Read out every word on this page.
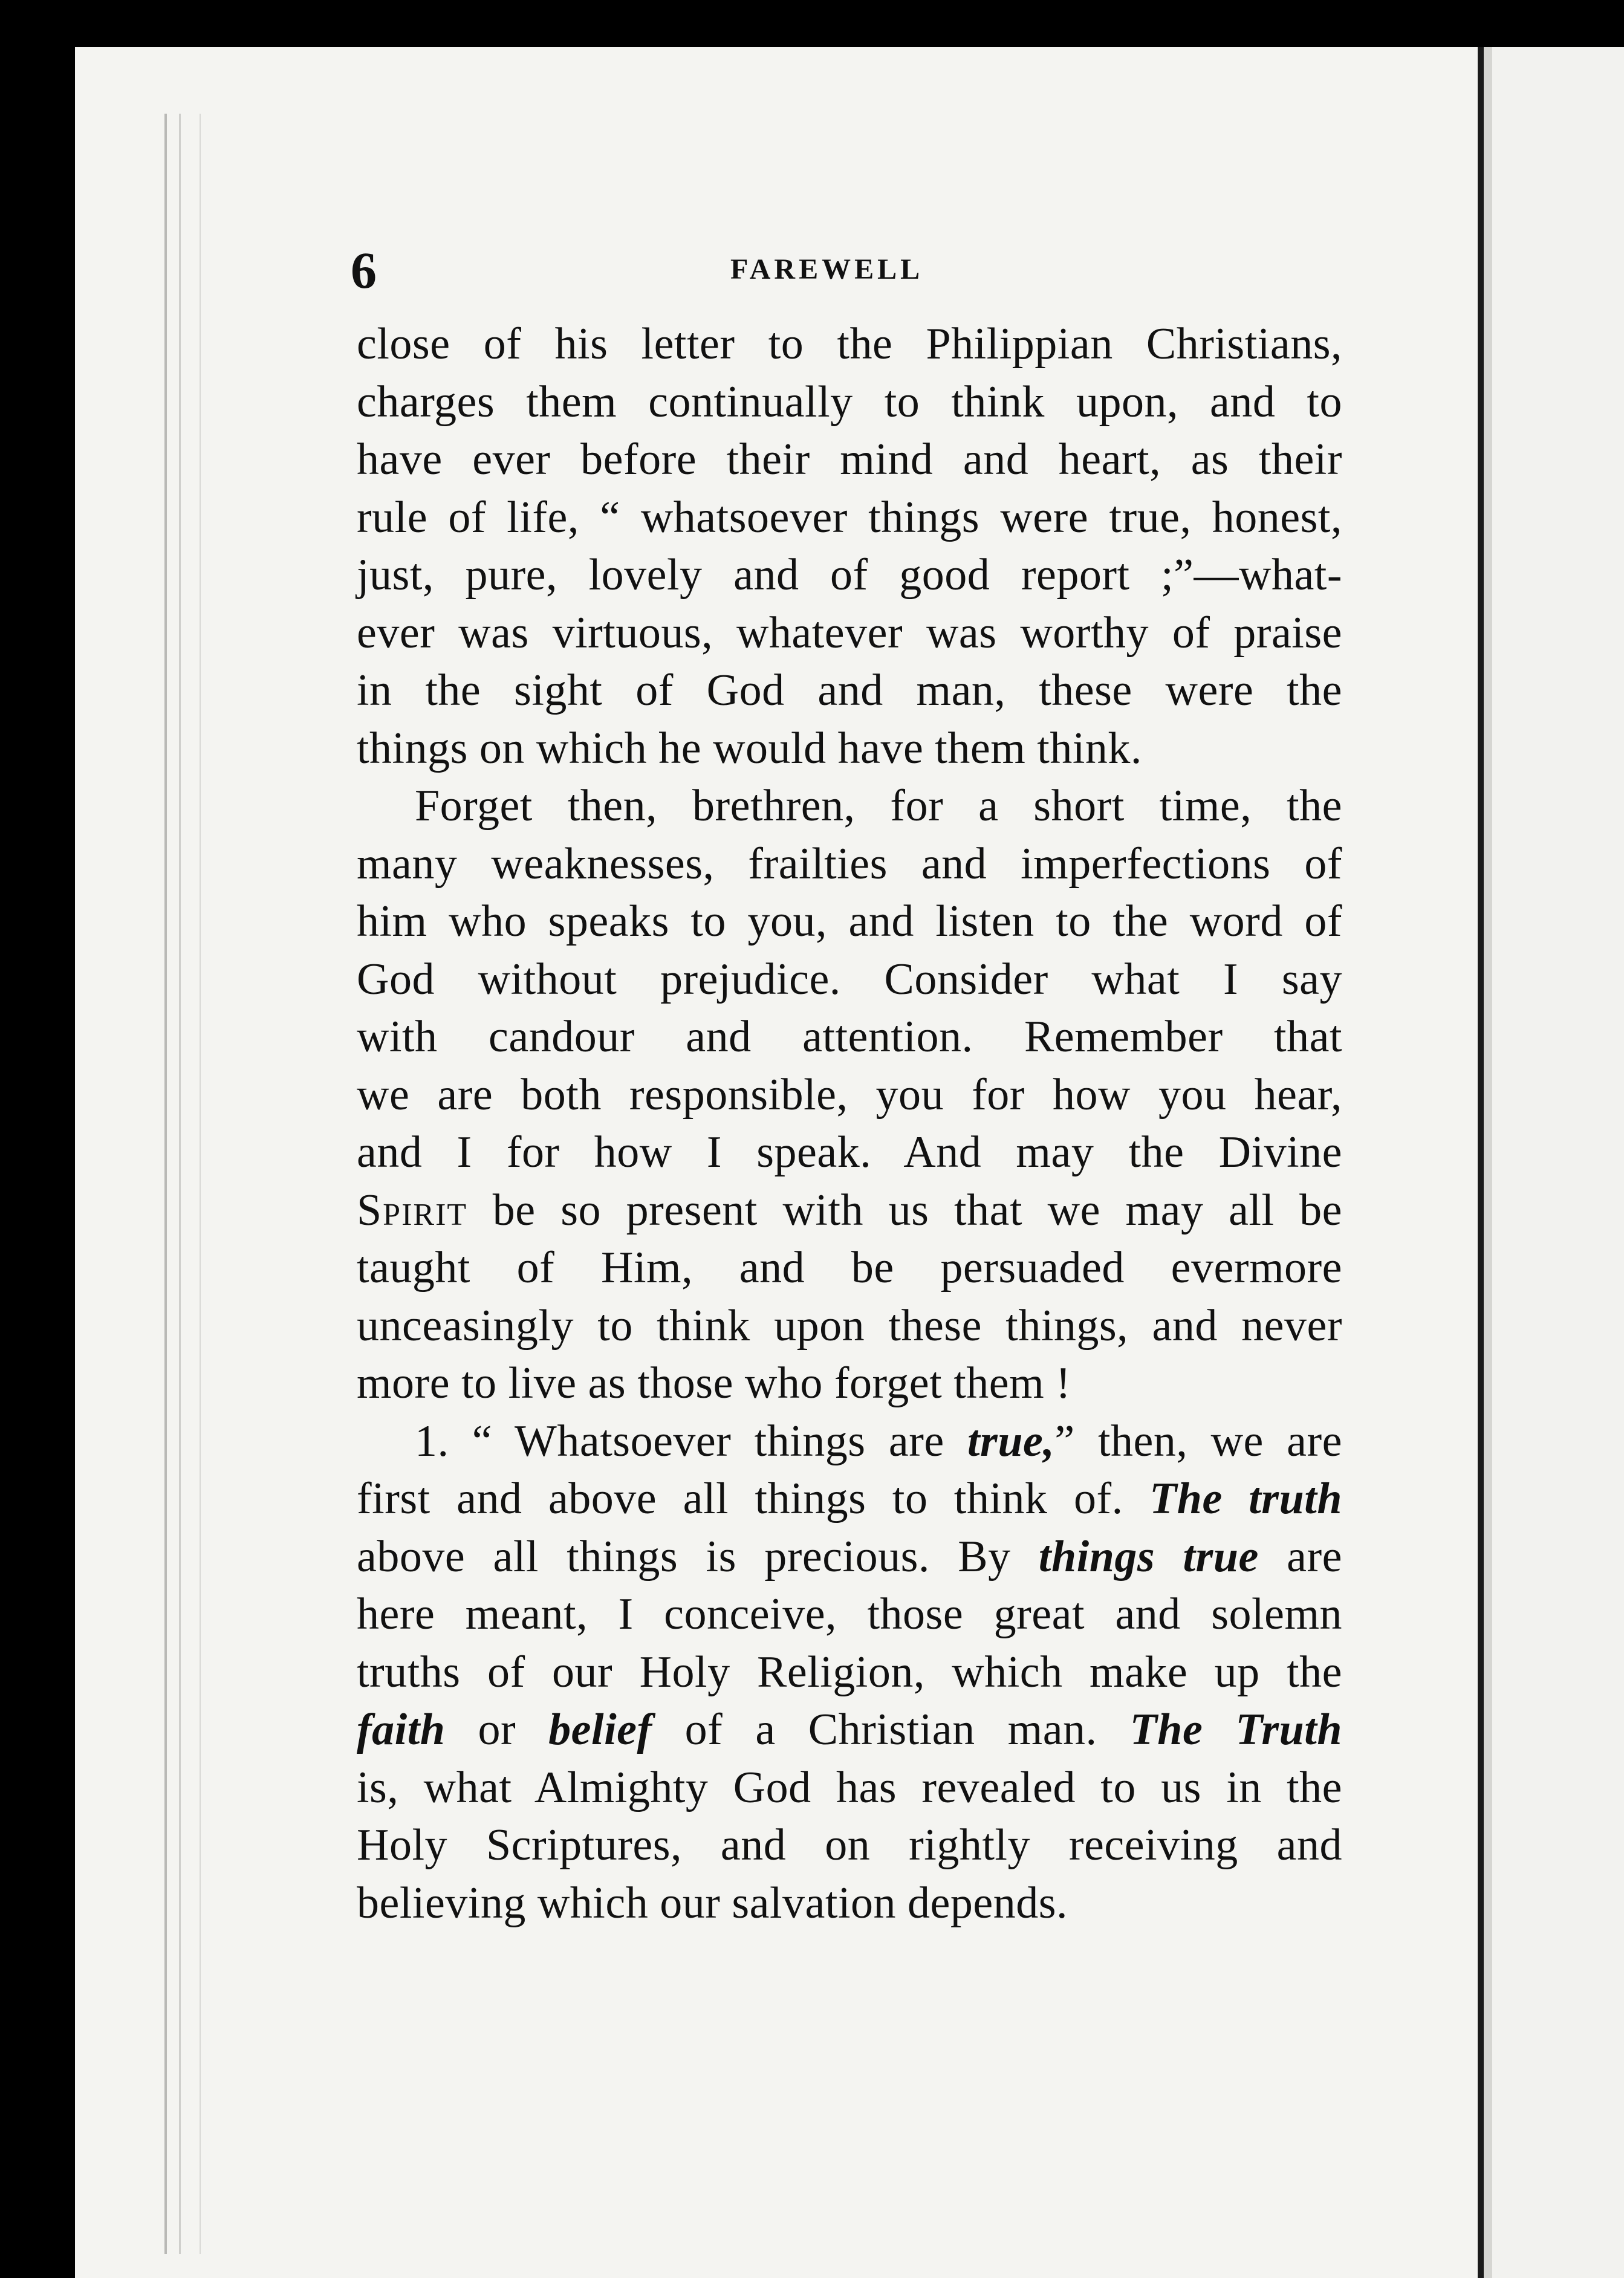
6	FAREWELL
close of his letter to the Philippian Christians,
charges them continually to think upon, and to
have ever before their mind and heart, as their
rule of life, “ whatsoever things were true, honest,
just, pure, lovely and of good report ;”—what-
ever was virtuous, whatever was worthy of praise
in the sight of God and man, these were the
things on which he would have them think.
Forget then, brethren, for a short time, the
many weaknesses, frailties and imperfections of
him who speaks to you, and listen to the word of
God without prejudice. Consider what I say
with candour and attention. Remember that
we are both responsible, you for how you hear,
and I for how I speak. And may the Divine
Spirit be so present with us that we may all be
taught of Him, and be persuaded evermore
unceasingly to think upon these things, and never
more to live as those who forget them !
1. “ Whatsoever things are true,” then, we are
first and above all things to think of. The truth
above all things is precious. By things true are
here meant, I conceive, those great and solemn
truths of our Holy Religion, which make up the
faith or belief of a Christian man. The Truth
is, what Almighty God has revealed to us in the
Holy Scriptures, and on rightly receiving and
believing which our salvation depends.
